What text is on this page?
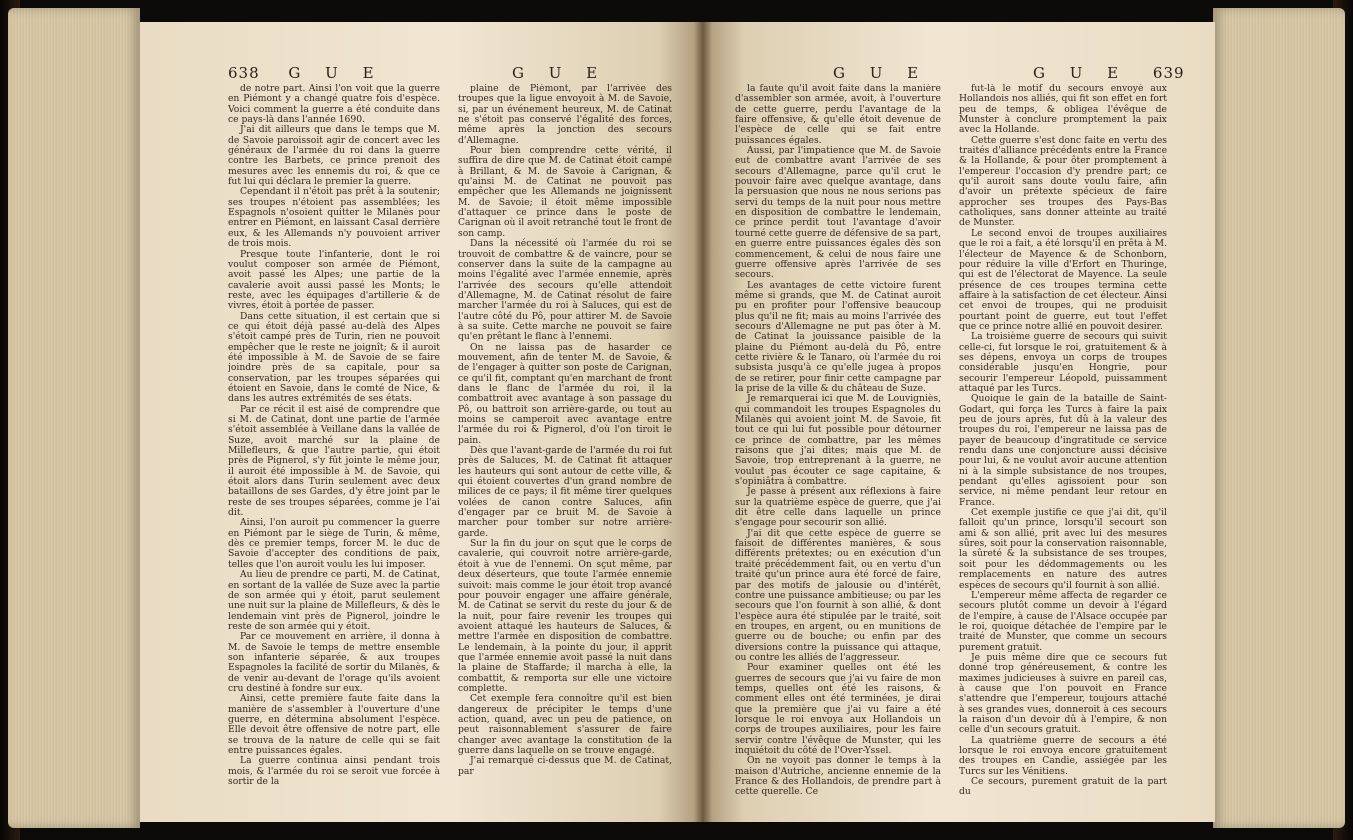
638 G U E	G U E

de notre part. Ainsi l'on voit que la guerre en Piémont y a changé quatre fois d'espèce. Voici comment la guerre a été conduite dans ce pays-là dans l'année 1690.

J'ai dit ailleurs que dans le temps que M. de Savoie paroissoit agir de concert avec les généraux de l'armée du roi dans la guerre contre les Barbets, ce prince prenoit des mesures avec les ennemis du roi, & que ce fut lui qui déclara le premier la guerre.

Cependant il n'étoit pas prêt à la soutenir; ses troupes n'étoient pas assemblées; les Espagnols n'osoient quitter le Milanès pour entrer en Piémont, en laissant Casal derrière eux, & les Allemands n'y pouvoient arriver de trois mois.

Presque toute l'infanterie, dont le roi voulut composer son armée de Piémont, avoit passé les Alpes; une partie de la cavalerie avoit aussi passé les Monts; le reste, avec les équipages d'artillerie & de vivres, étoit à portée de passer.

Dans cette situation, il est certain que si ce qui étoit déjà passé au-delà des Alpes s'étoit campé près de Turin, rien ne pouvoit empêcher que le reste ne joignît; & il auroit été impossible à M. de Savoie de se faire joindre près de sa capitale, pour sa conservation, par les troupes séparées qui étoient en Savoie, dans le comté de Nice, & dans les autres extrémités de ses états.

Par ce récit il est aisé de comprendre que si M. de Catinat, dont une partie de l'armée s'étoit assemblée à Veillane dans la vallée de Suze, avoit marché sur la plaine de Millefleurs, & que l'autre partie, qui étoit près de Pignerol, s'y fût jointe le même jour, il auroit été impossible à M. de Savoie, qui étoit alors dans Turin seulement avec deux bataillons de ses Gardes, d'y être joint par le reste de ses troupes séparées, comme je l'ai dit.

Ainsi, l'on auroit pu commencer la guerre en Piémont par le siège de Turin, & même, dès ce premier temps, forcer M. le duc de Savoie d'accepter des conditions de paix, telles que l'on auroit voulu les lui imposer.

Au lieu de prendre ce parti, M. de Catinat, en sortant de la vallée de Suze avec la partie de son armée qui y étoit, parut seulement une nuit sur la plaine de Millefleurs, & dès le lendemain vint près de Pignerol, joindre le reste de son armée qui y étoit.

Par ce mouvement en arrière, il donna à M. de Savoie le temps de mettre ensemble son infanterie séparée, & aux troupes Espagnoles la facilité de sortir du Milanès, & de venir au-devant de l'orage qu'ils avoient cru destiné à fondre sur eux.

Ainsi, cette première faute faite dans la manière de s'assembler à l'ouverture d'une guerre, en détermina absolument l'espèce. Elle devoit être offensive de notre part, elle se trouva de la nature de celle qui se fait entre puissances égales.

La guerre continua ainsi pendant trois mois, & l'armée du roi se seroit vue forcée à sortir de la

plaine de Piémont, par l'arrivée des troupes que la ligue envoyoit à M. de Savoie, si, par un événement heureux, M. de Catinat ne s'étoit pas conservé l'égalité des forces, même après la jonction des secours d'Allemagne.

Pour bien comprendre cette vérité, il suffira de dire que M. de Catinat étoit campé à Brillant, & M. de Savoie à Carignan, & qu'ainsi M. de Catinat ne pouvoit pas empêcher que les Allemands ne joignissent M. de Savoie; il étoit même impossible d'attaquer ce prince dans le poste de Carignan où il avoit retranché tout le front de son camp.

Dans la nécessité où l'armée du roi se trouvoit de combattre & de vaincre, pour se conserver dans la suite de la campagne au moins l'égalité avec l'armée ennemie, après l'arrivée des secours qu'elle attendoit d'Allemagne, M. de Catinat résolut de faire marcher l'armée du roi à Saluces, qui est de l'autre côté du Pô, pour attirer M. de Savoie à sa suite. Cette marche ne pouvoit se faire qu'en prêtant le flanc à l'ennemi.

On ne laissa pas de hasarder ce mouvement, afin de tenter M. de Savoie, & de l'engager à quitter son poste de Carignan, ce qu'il fit, comptant qu'en marchant de front dans le flanc de l'armée du roi, il la combattroit avec avantage à son passage du Pô, ou battroit son arrière-garde, ou tout au moins se camperoit avec avantage entre l'armée du roi & Pignerol, d'où l'on tiroit le pain.

Dès que l'avant-garde de l'armée du roi fut près de Saluces, M. de Catinat fit attaquer les hauteurs qui sont autour de cette ville, & qui étoient couvertes d'un grand nombre de milices de ce pays; il fit même tirer quelques volées de canon contre Saluces, afin d'engager par ce bruit M. de Savoie à marcher pour tomber sur notre arrière-garde.

Sur la fin du jour on sçut que le corps de cavalerie, qui couvroit notre arrière-garde, étoit à vue de l'ennemi. On sçut même, par deux déserteurs, que toute l'armée ennemie suivoit: mais comme le jour étoit trop avancé pour pouvoir engager une affaire générale, M. de Catinat se servit du reste du jour & de la nuit, pour faire revenir les troupes qui avoient attaqué les hauteurs de Saluces, & mettre l'armée en disposition de combattre. Le lendemain, à la pointe du jour, il apprit que l'armée ennemie avoit passé la nuit dans la plaine de Staffarde; il marcha à elle, la combattit, & remporta sur elle une victoire complette.

Cet exemple fera connoître qu'il est bien dangereux de précipiter le temps d'une action, quand, avec un peu de patience, on peut raisonnablement s'assurer de faire changer avec avantage la constitution de la guerre dans laquelle on se trouve engagé.

J'ai remarqué ci-dessus que M. de Catinat, par

G U E	G U E 639

la faute qu'il avoit faite dans la manière d'assembler son armée, avoit, à l'ouverture de cette guerre, perdu l'avantage de la faire offensive, & qu'elle étoit devenue de l'espèce de celle qui se fait entre puissances égales.

Aussi, par l'impatience que M. de Savoie eut de combattre avant l'arrivée de ses secours d'Allemagne, parce qu'il crut le pouvoir faire avec quelque avantage, dans la persuasion que nous ne nous serions pas servi du temps de la nuit pour nous mettre en disposition de combattre le lendemain, ce prince perdit tout l'avantage d'avoir tourné cette guerre de défensive de sa part, en guerre entre puissances égales dès son commencement, & celui de nous faire une guerre offensive après l'arrivée de ses secours.

Les avantages de cette victoire furent même si grands, que M. de Catinat auroit pu en profiter pour l'offensive beaucoup plus qu'il ne fit; mais au moins l'arrivée des secours d'Allemagne ne put pas ôter à M. de Catinat la jouissance paisible de la plaine du Piémont au-delà du Pô, entre cette rivière & le Tanaro, où l'armée du roi subsista jusqu'à ce qu'elle jugea à propos de se retirer, pour finir cette campagne par la prise de la ville & du château de Suze.

Je remarquerai ici que M. de Louvigniès, qui commandoit les troupes Espagnoles du Milanès qui avoient joint M. de Savoie, fit tout ce qui lui fut possible pour détourner ce prince de combattre, par les mêmes raisons que j'ai dites; mais que M. de Savoie, trop entreprenant à la guerre, ne voulut pas écouter ce sage capitaine, & s'opiniâtra à combattre.

Je passe à présent aux réflexions à faire sur la quatrième espèce de guerre, que j'ai dit être celle dans laquelle un prince s'engage pour secourir son allié.

J'ai dit que cette espèce de guerre se faisoit de différentes manières, & sous différents prétextes; ou en exécution d'un traité précédemment fait, ou en vertu d'un traité qu'un prince aura été forcé de faire, par des motifs de jalousie ou d'intérêt, contre une puissance ambitieuse; ou par les secours que l'on fournit à son allié, & dont l'espèce aura été stipulée par le traité, soit en troupes, en argent, ou en munitions de guerre ou de bouche; ou enfin par des diversions contre la puissance qui attaque, ou contre les alliés de l'aggresseur.

Pour examiner quelles ont été les guerres de secours que j'ai vu faire de mon temps, quelles ont été les raisons, & comment elles ont été terminées, je dirai que la première que j'ai vu faire a été lorsque le roi envoya aux Hollandois un corps de troupes auxiliaires, pour les faire servir contre l'évêque de Munster, qui les inquiétoit du côté de l'Over-Yssel.

On ne voyoit pas donner le temps à la maison d'Autriche, ancienne ennemie de la France & des Hollandois, de prendre part à cette querelle. Ce

fut-là le motif du secours envoyé aux Hollandois nos alliés, qui fit son effet en fort peu de temps, & obligea l'évêque de Munster à conclure promptement la paix avec la Hollande.

Cette guerre s'est donc faite en vertu des traités d'alliance précédents entre la France & la Hollande, & pour ôter promptement à l'empereur l'occasion d'y prendre part; ce qu'il auroit sans doute voulu faire, afin d'avoir un prétexte spécieux de faire approcher ses troupes des Pays-Bas catholiques, sans donner atteinte au traité de Munster.

Le second envoi de troupes auxiliaires que le roi a fait, a été lorsqu'il en prêta à M. l'électeur de Mayence & de Schonborn, pour réduire la ville d'Erfort en Thuringe, qui est de l'électorat de Mayence. La seule présence de ces troupes termina cette affaire à la satisfaction de cet électeur. Ainsi cet envoi de troupes, qui ne produisit pourtant point de guerre, eut tout l'effet que ce prince notre allié en pouvoit desirer.

La troisième guerre de secours qui suivit celle-ci, fut lorsque le roi, gratuitement & à ses dépens, envoya un corps de troupes considérable jusqu'en Hongrie, pour secourir l'empereur Léopold, puissamment attaqué par les Turcs.

Quoique le gain de la bataille de Saint-Godart, qui força les Turcs à faire la paix peu de jours après, fut dû à la valeur des troupes du roi, l'empereur ne laissa pas de payer de beaucoup d'ingratitude ce service rendu dans une conjoncture aussi décisive pour lui, & ne voulut avoir aucune attention ni à la simple subsistance de nos troupes, pendant qu'elles agissoient pour son service, ni même pendant leur retour en France.

Cet exemple justifie ce que j'ai dit, qu'il falloit qu'un prince, lorsqu'il secourt son ami & son allié, prit avec lui des mesures sûres, soit pour la conservation raisonnable, la sûreté & la subsistance de ses troupes, soit pour les dédommagements ou les remplacements en nature des autres espèces de secours qu'il fournit à son allié.

L'empereur même affecta de regarder ce secours plutôt comme un devoir à l'égard de l'empire, à cause de l'Alsace occupée par le roi, quoique détachée de l'empire par le traité de Munster, que comme un secours purement gratuit.

Je puis même dire que ce secours fut donné trop généreusement, & contre les maximes judicieuses à suivre en pareil cas, à cause que l'on pouvoit en France s'attendre que l'empereur, toujours attaché à ses grandes vues, donneroit à ces secours la raison d'un devoir dû à l'empire, & non celle d'un secours gratuit.

La quatrième guerre de secours a été lorsque le roi envoya encore gratuitement des troupes en Candie, assiégée par les Turcs sur les Vénitiens.

Ce secours, purement gratuit de la part du
